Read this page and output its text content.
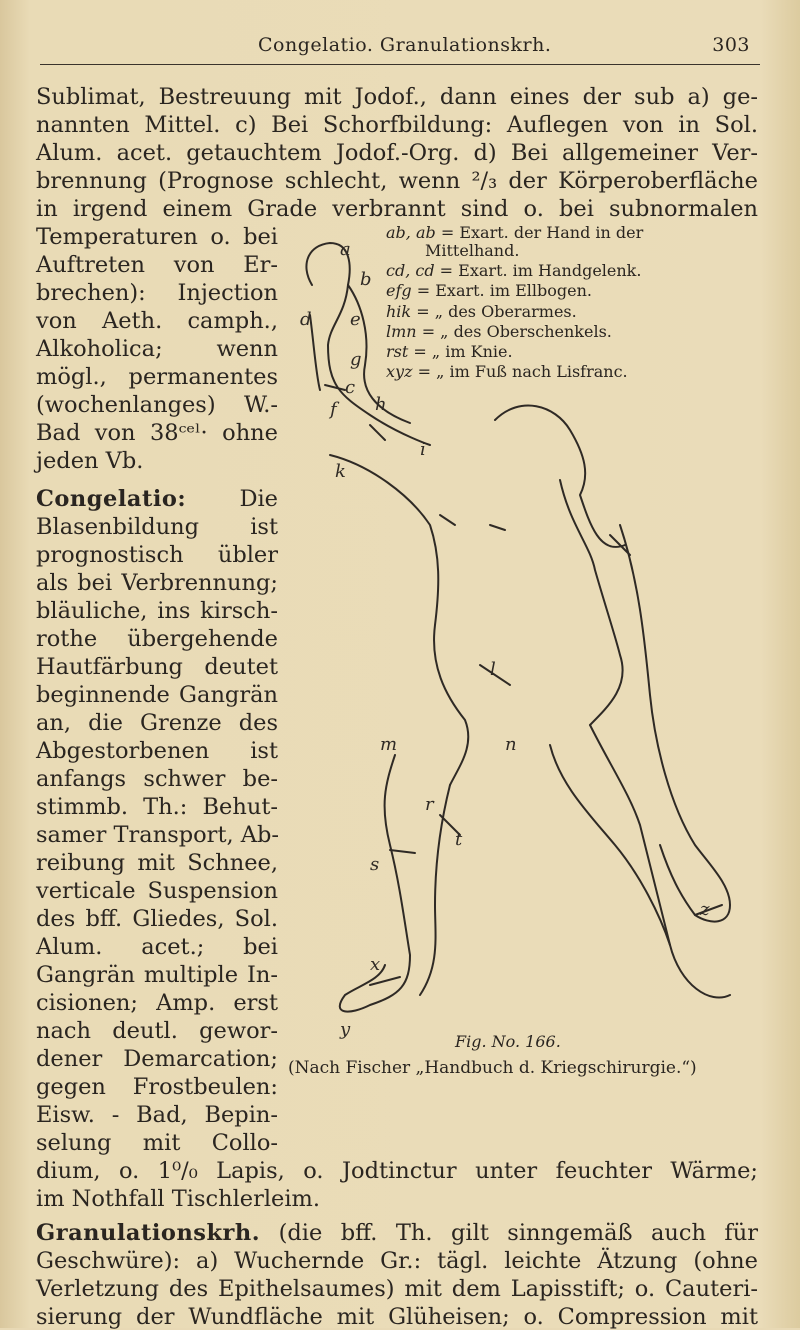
Congelatio. Granulationskrh.	303
Sublimat, Bestreuung mit Jodof., dann eines der sub a) ge-
nannten Mittel. c) Bei Schorfbildung: Auflegen von in Sol.
Alum. acet. getauchtem Jodof.-Org. d) Bei allgemeiner Ver-
brennung (Prognose schlecht, wenn ²/₃ der Körperoberfläche
in irgend einem Grade verbrannt sind o. bei subnormalen
Temperaturen o. bei
Auftreten von Er-
brechen): Injection
von Aeth. camph.,
Alkoholica; wenn
mögl., permanentes
(wochenlanges) W.-
Bad von 38ᶜᵉˡ· ohne
jeden Vb.
Congelatio: Die
Blasenbildung ist
prognostisch übler
als bei Verbrennung;
bläuliche, ins kirsch-
rothe übergehende
Hautfärbung deutet
beginnende Gangrän
an, die Grenze des
Abgestorbenen ist
anfangs schwer be-
stimmb. Th.: Behut-
samer Transport, Ab-
reibung mit Schnee,
verticale Suspension
des bff. Gliedes, Sol.
Alum. acet.; bei
Gangrän multiple In-
cisionen; Amp. erst
nach deutl. gewor-
dener Demarcation;
gegen Frostbeulen:
Eisw. - Bad, Bepin-
selung mit Collo-
dium, o. 1⁰/₀ Lapis, o. Jodtinctur unter feuchter Wärme;
im Nothfall Tischlerleim.
Granulationskrh. (die bff. Th. gilt sinngemäß auch für
Geschwüre): a) Wuchernde Gr.: tägl. leichte Ätzung (ohne
Verletzung des Epithelsaumes) mit dem Lapisstift; o. Cauteri-
sierung der Wundfläche mit Glüheisen; o. Compression mit
ab, ab = Exart. der Hand in der
Mittelhand.
cd, cd = Exart. im Handgelenk.
efg = Exart. im Ellbogen.
hik = „ des Oberarmes.
lmn = „ des Oberschenkels.
rst = „ im Knie.
xyz = „ im Fuß nach Lisfranc.
a
b
c
d e
f
g
h
i
k
l
m	n
r
s
t
x
y
z
Fig. No. 166.
(Nach Fischer „Handbuch d. Kriegschirurgie.“)
